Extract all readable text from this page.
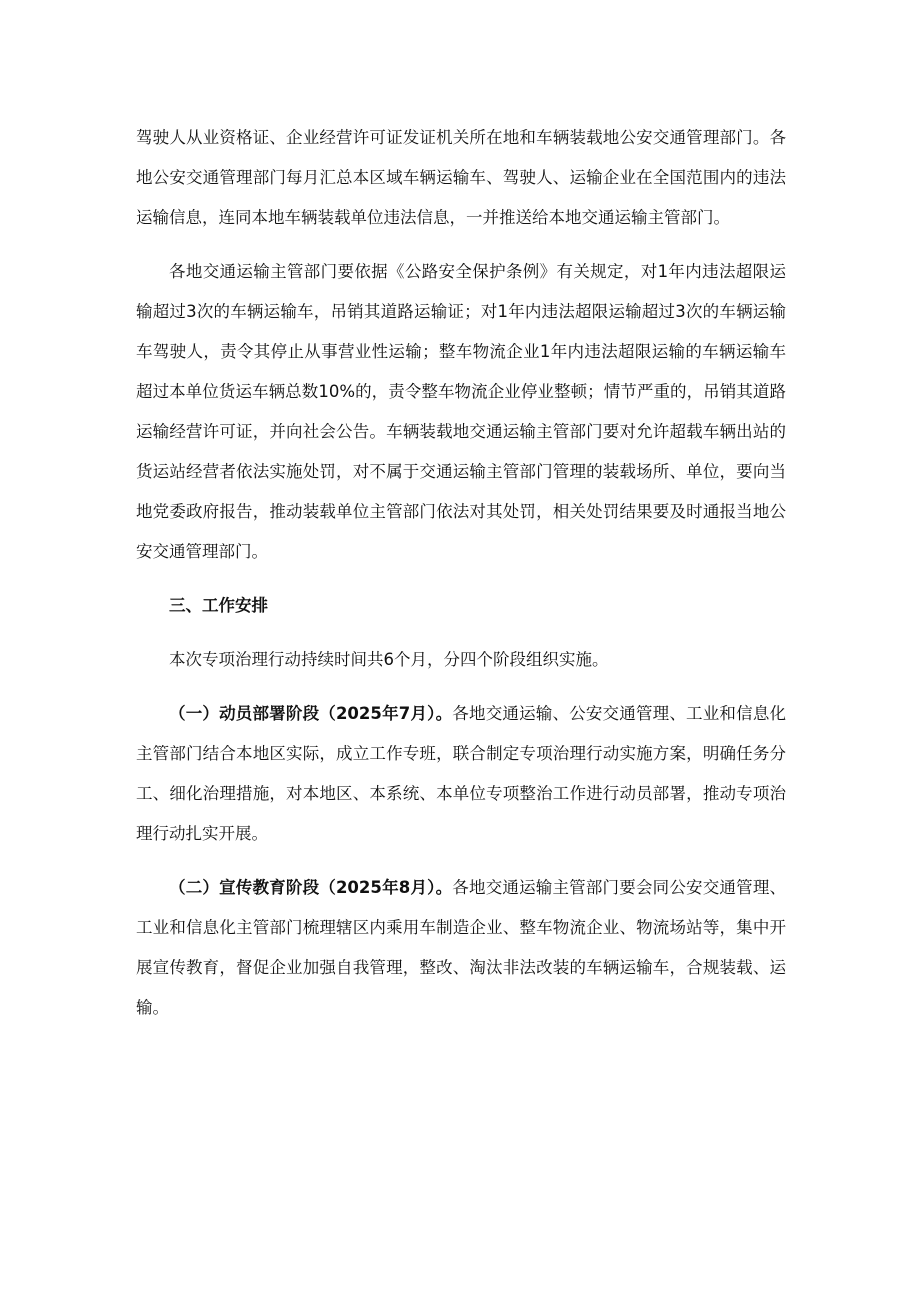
驾驶人从业资格证、企业经营许可证发证机关所在地和车辆装载地公安交通管理部门。各地公安交通管理部门每月汇总本区域车辆运输车、驾驶人、运输企业在全国范围内的违法运输信息，连同本地车辆装载单位违法信息，一并推送给本地交通运输主管部门。

各地交通运输主管部门要依据《公路安全保护条例》有关规定，对1年内违法超限运输超过3次的车辆运输车，吊销其道路运输证；对1年内违法超限运输超过3次的车辆运输车驾驶人，责令其停止从事营业性运输；整车物流企业1年内违法超限运输的车辆运输车超过本单位货运车辆总数10%的，责令整车物流企业停业整顿；情节严重的，吊销其道路运输经营许可证，并向社会公告。车辆装载地交通运输主管部门要对允许超载车辆出站的货运站经营者依法实施处罚，对不属于交通运输主管部门管理的装载场所、单位，要向当地党委政府报告，推动装载单位主管部门依法对其处罚，相关处罚结果要及时通报当地公安交通管理部门。

三、工作安排

本次专项治理行动持续时间共6个月，分四个阶段组织实施。

（一）动员部署阶段（2025年7月）。各地交通运输、公安交通管理、工业和信息化主管部门结合本地区实际，成立工作专班，联合制定专项治理行动实施方案，明确任务分工、细化治理措施，对本地区、本系统、本单位专项整治工作进行动员部署，推动专项治理行动扎实开展。

（二）宣传教育阶段（2025年8月）。各地交通运输主管部门要会同公安交通管理、工业和信息化主管部门梳理辖区内乘用车制造企业、整车物流企业、物流场站等，集中开展宣传教育，督促企业加强自我管理，整改、淘汰非法改装的车辆运输车，合规装载、运输。
